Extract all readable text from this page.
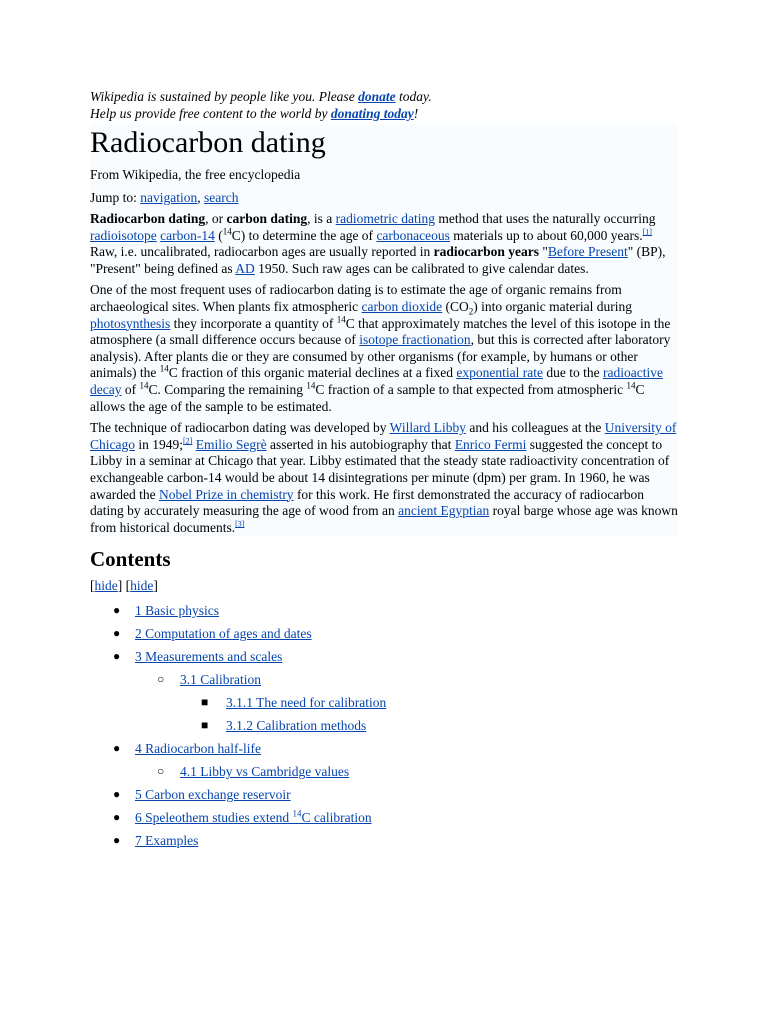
Wikipedia is sustained by people like you. Please donate today.

Help us provide free content to the world by donating today!

Radiocarbon dating
From Wikipedia, the free encyclopedia
Jump to: navigation, search

Radiocarbon dating, or carbon dating, is a radiometric dating method that uses the naturally occurring radioisotope carbon-14 ($^{14}$C) to determine the age of carbonaceous materials up to about 60,000 years.[1] Raw, i.e. uncalibrated, radiocarbon ages are usually reported in radiocarbon years "Before Present" (BP), "Present" being defined as AD 1950. Such raw ages can be calibrated to give calendar dates.

One of the most frequent uses of radiocarbon dating is to estimate the age of organic remains from archaeological sites. When plants fix atmospheric carbon dioxide $(CO_2)$ into organic material during photosynthesis they incorporate a quantity of $^{14}$C that approximately matches the level of this isotope in the atmosphere (a small difference occurs because of isotope fractionation, but this is corrected after laboratory analysis). After plants die or they are consumed by other organisms (for example, by humans or other animals) the $^{14}$C fraction of this organic material declines at a fixed exponential rate due to the radioactive decay of $^{14}$C. Comparing the remaining $^{14}$C fraction of a sample to that expected from atmospheric $^{14}$C allows the age of the sample to be estimated.

The technique of radiocarbon dating was developed by Willard Libby and his colleagues at the University of Chicago in 1949;[2] Emilio Segrè asserted in his autobiography that Enrico Fermi suggested the concept to Libby in a seminar at Chicago that year. Libby estimated that the steady state radioactivity concentration of exchangeable carbon-14 would be about 14 disintegrations per minute (dpm) per gram. In 1960, he was awarded the Nobel Prize in chemistry for this work. He first demonstrated the accuracy of radiocarbon dating by accurately measuring the age of wood from an ancient Egyptian royal barge whose age was known from historical documents.[3]

Contents
[hide] [hide]
● 1 Basic physics
● 2 Computation of ages and dates
● 3 Measurements and scales
○ 3.1 Calibration
■ 3.1.1 The need for calibration
■ 3.1.2 Calibration methods
● 4 Radiocarbon half-life
○ 4.1 Libby vs Cambridge values
● 5 Carbon exchange reservoir
● 6 Speleothem studies extend $^{14}$C calibration
● 7 Examples
